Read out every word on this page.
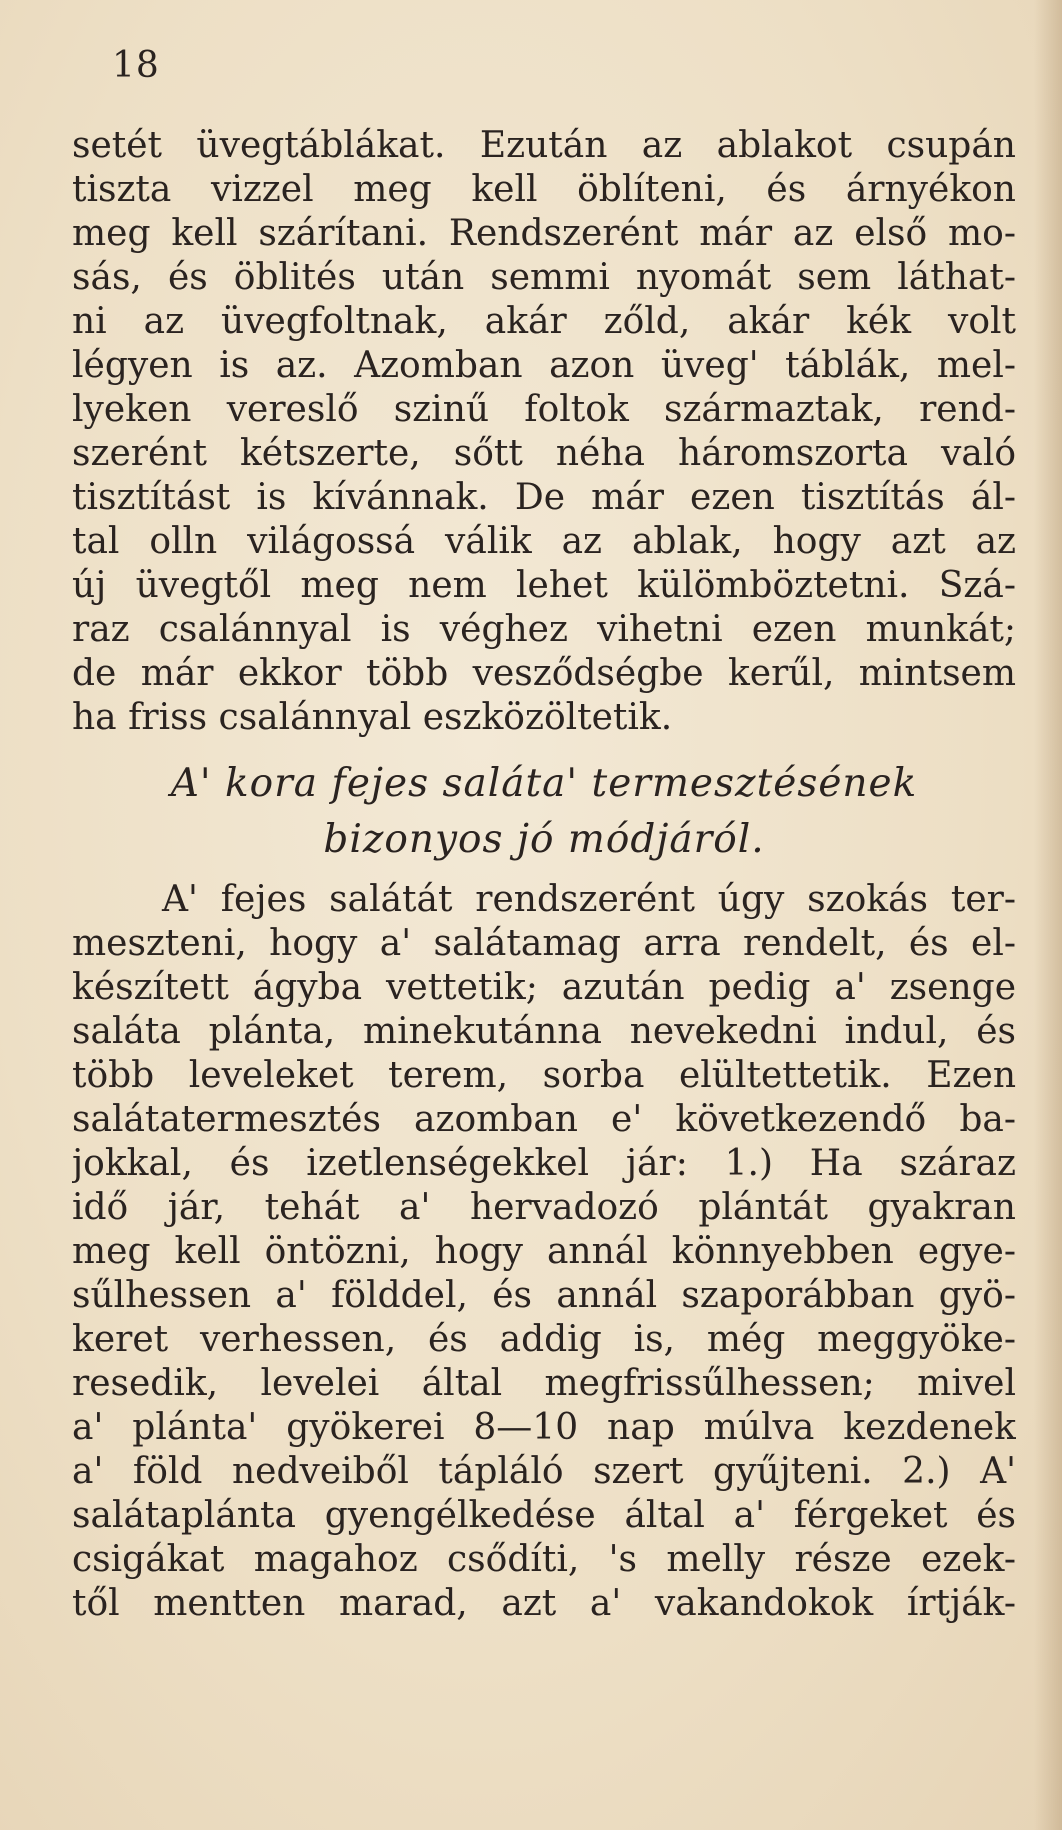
18
setét üvegtáblákat. Ezután az ablakot csupán
tiszta vizzel meg kell öblíteni, és árnyékon
meg kell szárítani. Rendszerént már az első mo-
sás, és öblités után semmi nyomát sem láthat-
ni az üvegfoltnak, akár zőld, akár kék volt
légyen is az. Azomban azon üveg' táblák, mel-
lyeken vereslő szinű foltok származtak, rend-
szerént kétszerte, sőtt néha háromszorta való
tisztítást is kívánnak. De már ezen tisztítás ál-
tal olln világossá válik az ablak, hogy azt az
új üvegtől meg nem lehet külömböztetni. Szá-
raz csalánnyal is véghez vihetni ezen munkát;
de már ekkor több vesződségbe kerűl, mintsem
ha friss csalánnyal eszközöltetik.
A' kora fejes saláta' termesztésének
bizonyos jó módjáról.
A' fejes salátát rendszerént úgy szokás ter-
meszteni, hogy a' salátamag arra rendelt, és el-
készített ágyba vettetik; azután pedig a' zsenge
saláta plánta, minekutánna nevekedni indul, és
több leveleket terem, sorba elültettetik. Ezen
salátatermesztés azomban e' következendő ba-
jokkal, és izetlenségekkel jár: 1.) Ha száraz
idő jár, tehát a' hervadozó plántát gyakran
meg kell öntözni, hogy annál könnyebben egye-
sűlhessen a' földdel, és annál szaporábban gyö-
keret verhessen, és addig is, még meggyöke-
resedik, levelei által megfrissűlhessen; mivel
a' plánta' gyökerei 8—10 nap múlva kezdenek
a' föld nedveiből tápláló szert gyűjteni. 2.) A'
salátaplánta gyengélkedése által a' férgeket és
csigákat magahoz csődíti, 's melly része ezek-
től mentten marad, azt a' vakandokok írtják-
